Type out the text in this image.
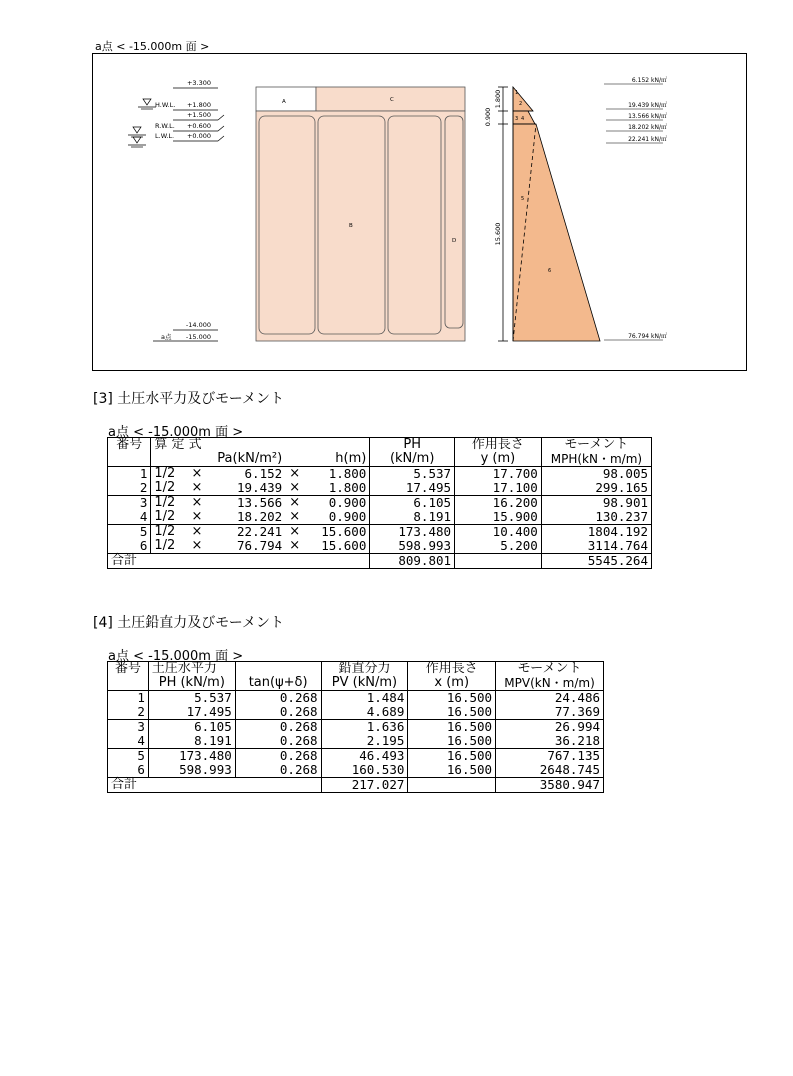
a点 < -15.000m 面 >
+3.300
+1.800
+1.500
+0.600
+0.000
-14.000
-15.000
H.W.L.
R.W.L.
L.W.L.
a点
A
B
C
D
1.800
0.900
15.600
1
2
3 4
5
6
6.152 kN/㎡
19.439 kN/㎡
13.566 kN/㎡
18.202 kN/㎡
22.241 kN/㎡
76.794 kN/㎡
[3] 土圧水平力及びモーメント
a点 < -15.000m 面 >
番号	算 定 式					PH	作用長さ	モーメント
			Pa(kN/m²)		h(m)	(kN/m)	y (m)	MPH(kN・m/m)
1	1/2	×	6.152	×	1.800	5.537	17.700	98.005
2	1/2	×	19.439	×	1.800	17.495	17.100	299.165
3	1/2	×	13.566	×	0.900	6.105	16.200	98.901
4	1/2	×	18.202	×	0.900	8.191	15.900	130.237
5	1/2	×	22.241	×	15.600	173.480	10.400	1804.192
6	1/2	×	76.794	×	15.600	598.993	5.200	3114.764
合計						809.801		5545.264
[4] 土圧鉛直力及びモーメント
a点 < -15.000m 面 >
番号	土圧水平力		鉛直分力	作用長さ	モーメント
	PH (kN/m)	tan(ψ+δ)	PV (kN/m)	x (m)	MPV(kN・m/m)
1	5.537	0.268	1.484	16.500	24.486
2	17.495	0.268	4.689	16.500	77.369
3	6.105	0.268	1.636	16.500	26.994
4	8.191	0.268	2.195	16.500	36.218
5	173.480	0.268	46.493	16.500	767.135
6	598.993	0.268	160.530	16.500	2648.745
合計			217.027		3580.947
